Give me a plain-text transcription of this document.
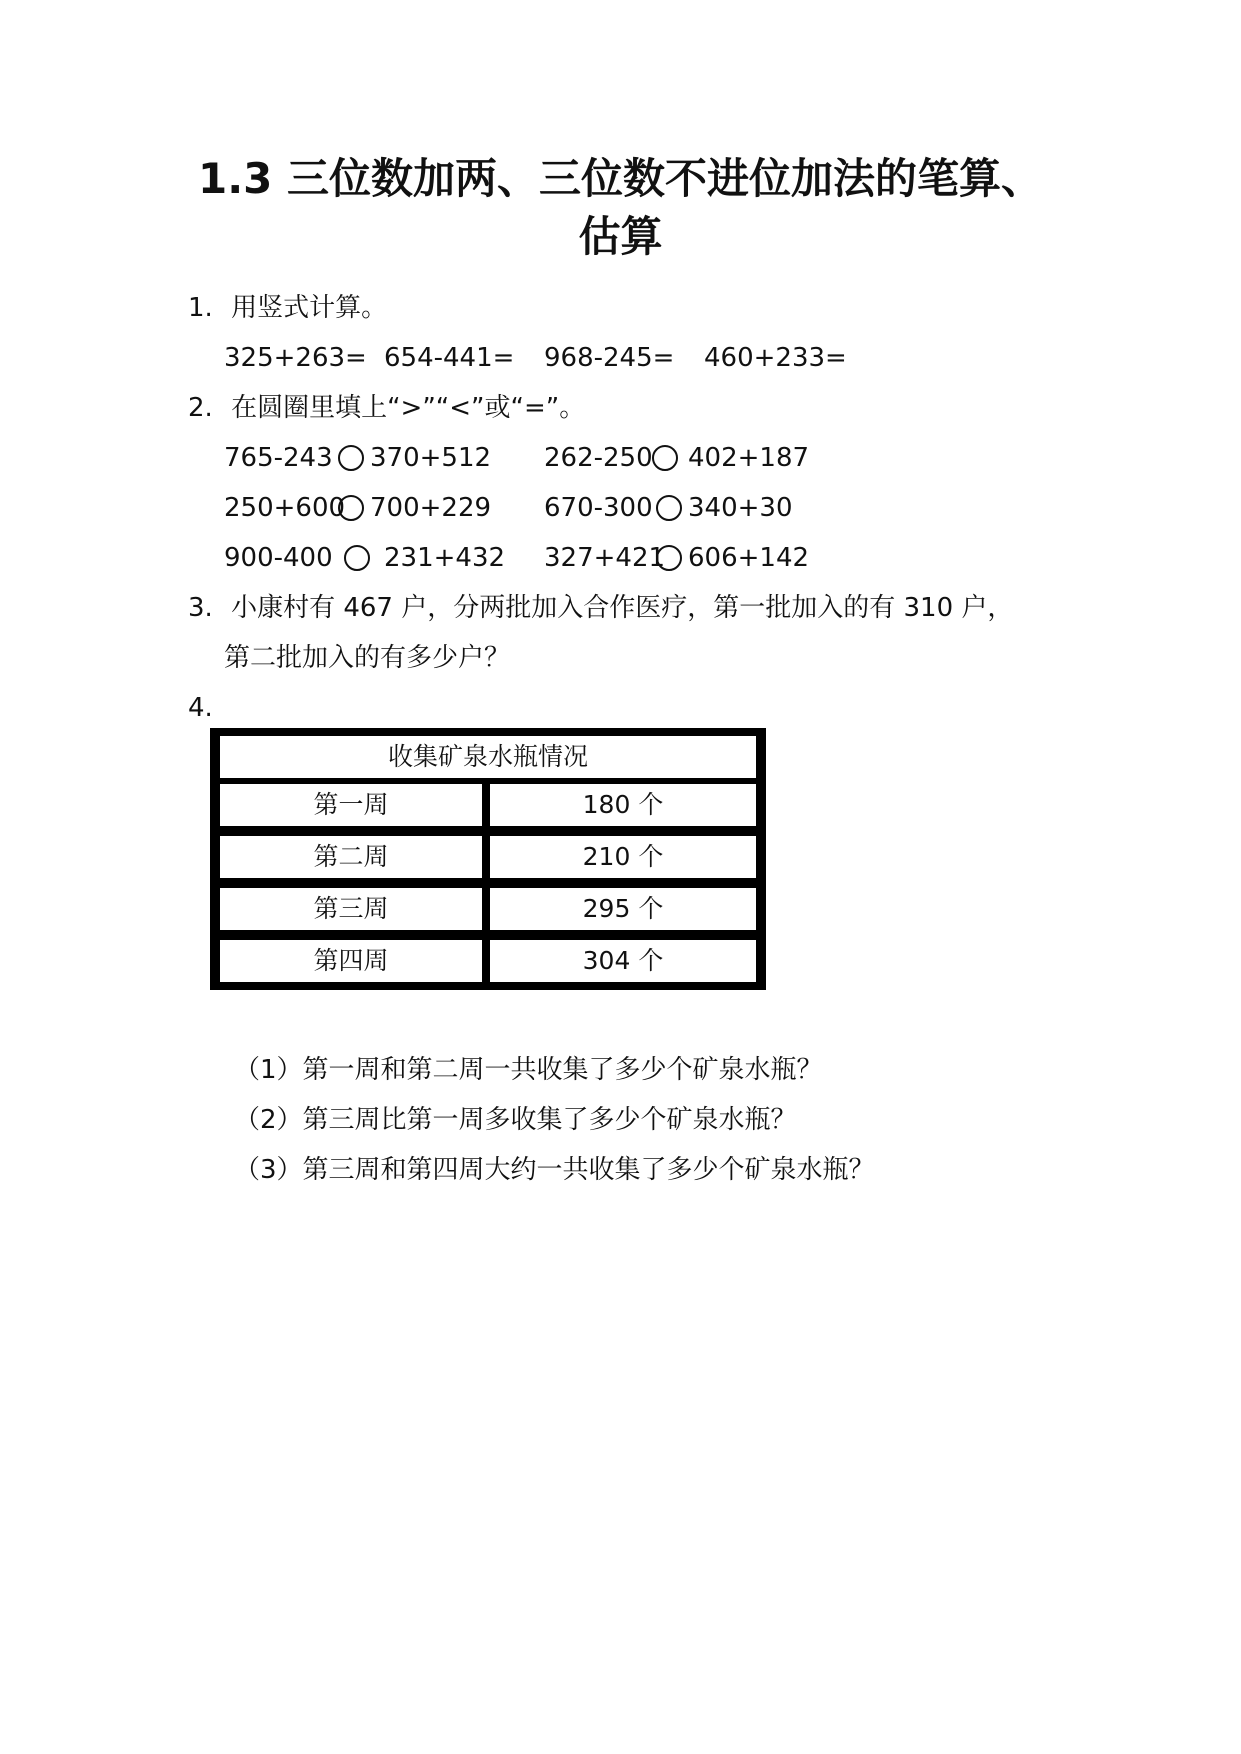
1.3 三位数加两、三位数不进位加法的笔算、
估算
1. 用竖式计算。
325+263= 654-441= 968-245= 460+233=
2. 在圆圈里填上“>”“<”或“=”。
765-243 370+512 262-250 402+187
250+600 700+229 670-300 340+30
900-400 231+432 327+421 606+142
3. 小康村有 467 户，分两批加入合作医疗，第一批加入的有 310 户，
第二批加入的有多少户？
4.
收集矿泉水瓶情况
第一周	180 个
第二周	210 个
第三周	295 个
第四周	304 个
（1）第一周和第二周一共收集了多少个矿泉水瓶？
（2）第三周比第一周多收集了多少个矿泉水瓶？
（3）第三周和第四周大约一共收集了多少个矿泉水瓶？
